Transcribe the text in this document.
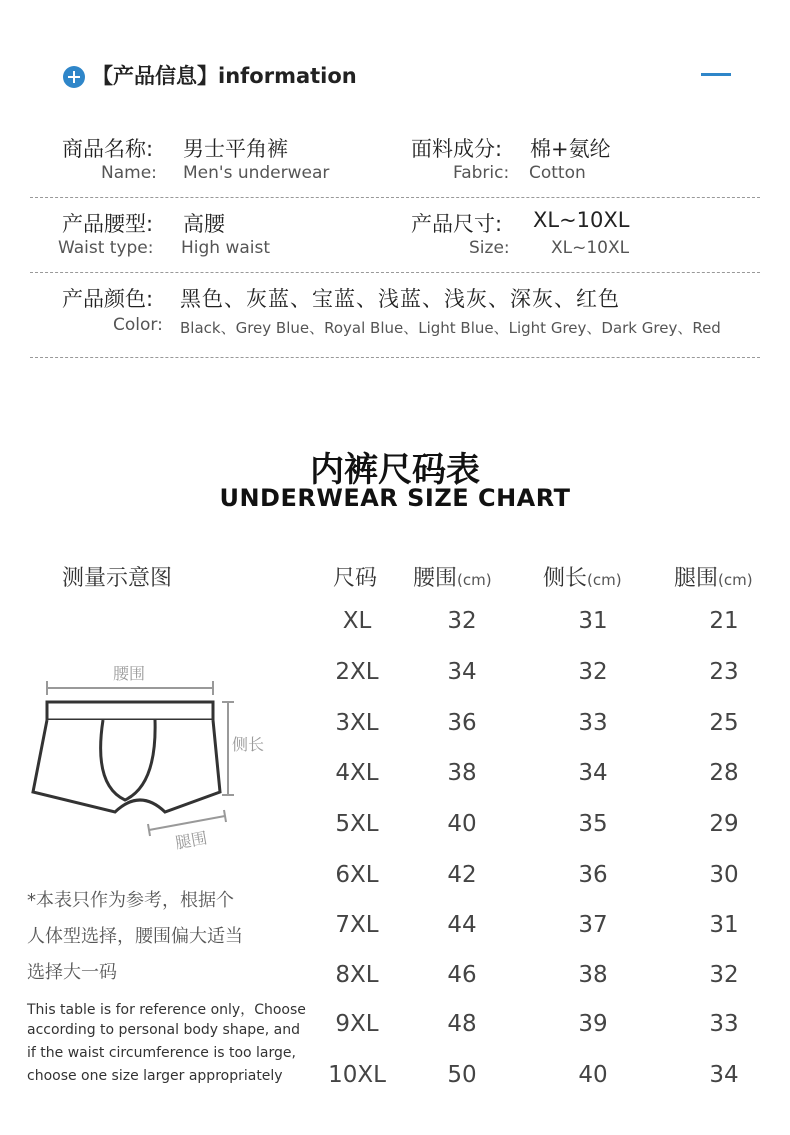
【产品信息】information
商品名称: 男士平角裤
Name: Men's underwear
面料成分: 棉+氨纶
Fabric: Cotton
产品腰型: 高腰
Waist type: High waist
产品尺寸: XL~10XL
Size: XL~10XL
产品颜色: 黑色、灰蓝、宝蓝、浅蓝、浅灰、深灰、红色
Color: Black、Grey Blue、Royal Blue、Light Blue、Light Grey、Dark Grey、Red
内裤尺码表
UNDERWEAR SIZE CHART
测量示意图
腰围
侧长
腿围
*本表只作为参考，根据个
人体型选择，腰围偏大适当
选择大一码
This table is for reference only，Choose
according to personal body shape, and
if the waist circumference is too large,
choose one size larger appropriately
尺码 腰围(cm) 侧长(cm) 腿围(cm)
XL	32	31	21
2XL	34	32	23
3XL	36	33	25
4XL	38	34	28
5XL	40	35	29
6XL	42	36	30
7XL	44	37	31
8XL	46	38	32
9XL	48	39	33
10XL	50	40	34
